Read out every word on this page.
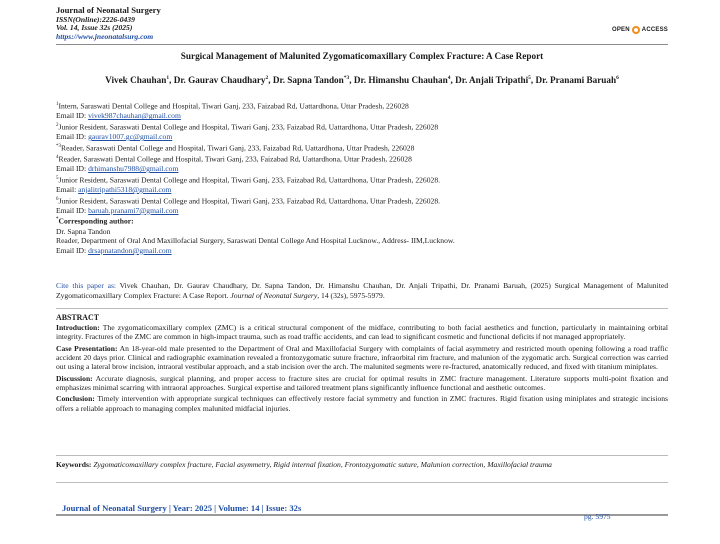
Journal of Neonatal Surgery
ISSN(Online):2226-0439
Vol. 14, Issue 32s (2025)
https://www.jneonatalsurg.com
OPEN ACCESS
Surgical Management of Malunited Zygomaticomaxillary Complex Fracture: A Case Report
Vivek Chauhan$^1$, Dr. Gaurav Chaudhary$^2$, Dr. Sapna Tandon$^{*3}$, Dr. Himanshu Chauhan$^4$, Dr. Anjali Tripathi$^5$, Dr. Pranami Baruah$^6$
$^1$Intern, Saraswati Dental College and Hospital, Tiwari Ganj, 233, Faizabad Rd, Uattardhona, Uttar Pradesh, 226028
Email ID: vivek987chauhan@gmail.com
$^2$Junior Resident, Saraswati Dental College and Hospital, Tiwari Ganj, 233, Faizabad Rd, Uattardhona, Uttar Pradesh, 226028
Email ID: gaurav1007.gc@gmail.com
$^{*3}$Reader, Saraswati Dental College and Hospital, Tiwari Ganj, 233, Faizabad Rd, Uattardhona, Uttar Pradesh, 226028
$^4$Reader, Saraswati Dental College and Hospital, Tiwari Ganj, 233, Faizabad Rd, Uattardhona, Uttar Pradesh, 226028
Email ID: drhimanshu7988@gmail.com
$^5$Junior Resident, Saraswati Dental College and Hospital, Tiwari Ganj, 233, Faizabad Rd, Uattardhona, Uttar Pradesh, 226028.
Email: anjalitripathi5318@gmail.com
$^6$Junior Resident, Saraswati Dental College and Hospital, Tiwari Ganj, 233, Faizabad Rd, Uattardhona, Uttar Pradesh, 226028.
Email ID: baruah.pranami7@gmail.com
*Corresponding author:
Dr. Sapna Tandon
Reader, Department of Oral And Maxillofacial Surgery, Saraswati Dental College And Hospital Lucknow., Address- IIM,Lucknow.
Email ID: drsapnatandon@gmail.com
Cite this paper as: Vivek Chauhan, Dr. Gaurav Chaudhary, Dr. Sapna Tandon, Dr. Himanshu Chauhan, Dr. Anjali Tripathi, Dr. Pranami Baruah, (2025) Surgical Management of Malunited Zygomaticomaxillary Complex Fracture: A Case Report. Journal of Neonatal Surgery, 14 (32s), 5975-5979.
ABSTRACT
Introduction: The zygomaticomaxillary complex (ZMC) is a critical structural component of the midface, contributing to both facial aesthetics and function, particularly in maintaining orbital integrity. Fractures of the ZMC are common in high-impact trauma, such as road traffic accidents, and can lead to significant cosmetic and functional deficits if not managed appropriately.
Case Presentation: An 18-year-old male presented to the Department of Oral and Maxillofacial Surgery with complaints of facial asymmetry and restricted mouth opening following a road traffic accident 20 days prior. Clinical and radiographic examination revealed a frontozygomatic suture fracture, infraorbital rim fracture, and malunion of the zygomatic arch. Surgical correction was carried out using a lateral brow incision, intraoral vestibular approach, and a stab incision over the arch. The malunited segments were re-fractured, anatomically reduced, and fixed with titanium miniplates.
Discussion: Accurate diagnosis, surgical planning, and proper access to fracture sites are crucial for optimal results in ZMC fracture management. Literature supports multi-point fixation and emphasizes minimal scarring with intraoral approaches. Surgical expertise and tailored treatment plans significantly influence functional and aesthetic outcomes.
Conclusion: Timely intervention with appropriate surgical techniques can effectively restore facial symmetry and function in ZMC fractures. Rigid fixation using miniplates and strategic incisions offers a reliable approach to managing complex malunited midfacial injuries.
Keywords: Zygomaticomaxillary complex fracture, Facial asymmetry, Rigid internal fixation, Frontozygomatic suture, Malunion correction, Maxillofacial trauma
Journal of Neonatal Surgery | Year: 2025 | Volume: 14 | Issue: 32s
pg. 5975
